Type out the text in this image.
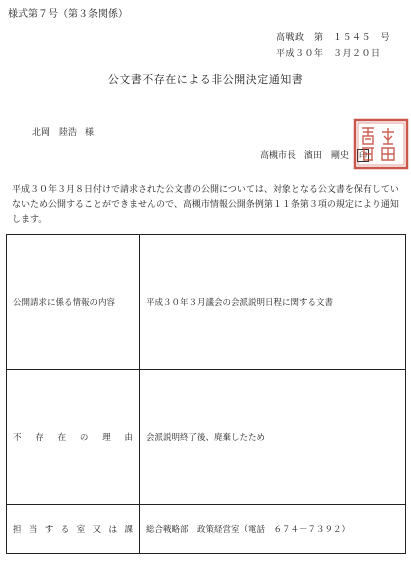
様式第７号（第３条関係）
高戦政　第　１５４５　号
平成３０年　３月２０日
公文書不存在による非公開決定通知書
北岡　陸浩 様
高槻市長 濱田　剛史 印
平成３０年３月８日付けで請求された公文書の公開については、対象となる公文書を保有していないため公開することができませんので、高槻市情報公開条例第１１条第３項の規定により通知します。
公開請求に係る情報の内容	平成３０年３月議会の会派説明日程に関する文書
不存在の理由	会派説明終了後、廃棄したため
担当する室又は課	総合戦略部　政策経営室（電話　６７４－７３９２）
